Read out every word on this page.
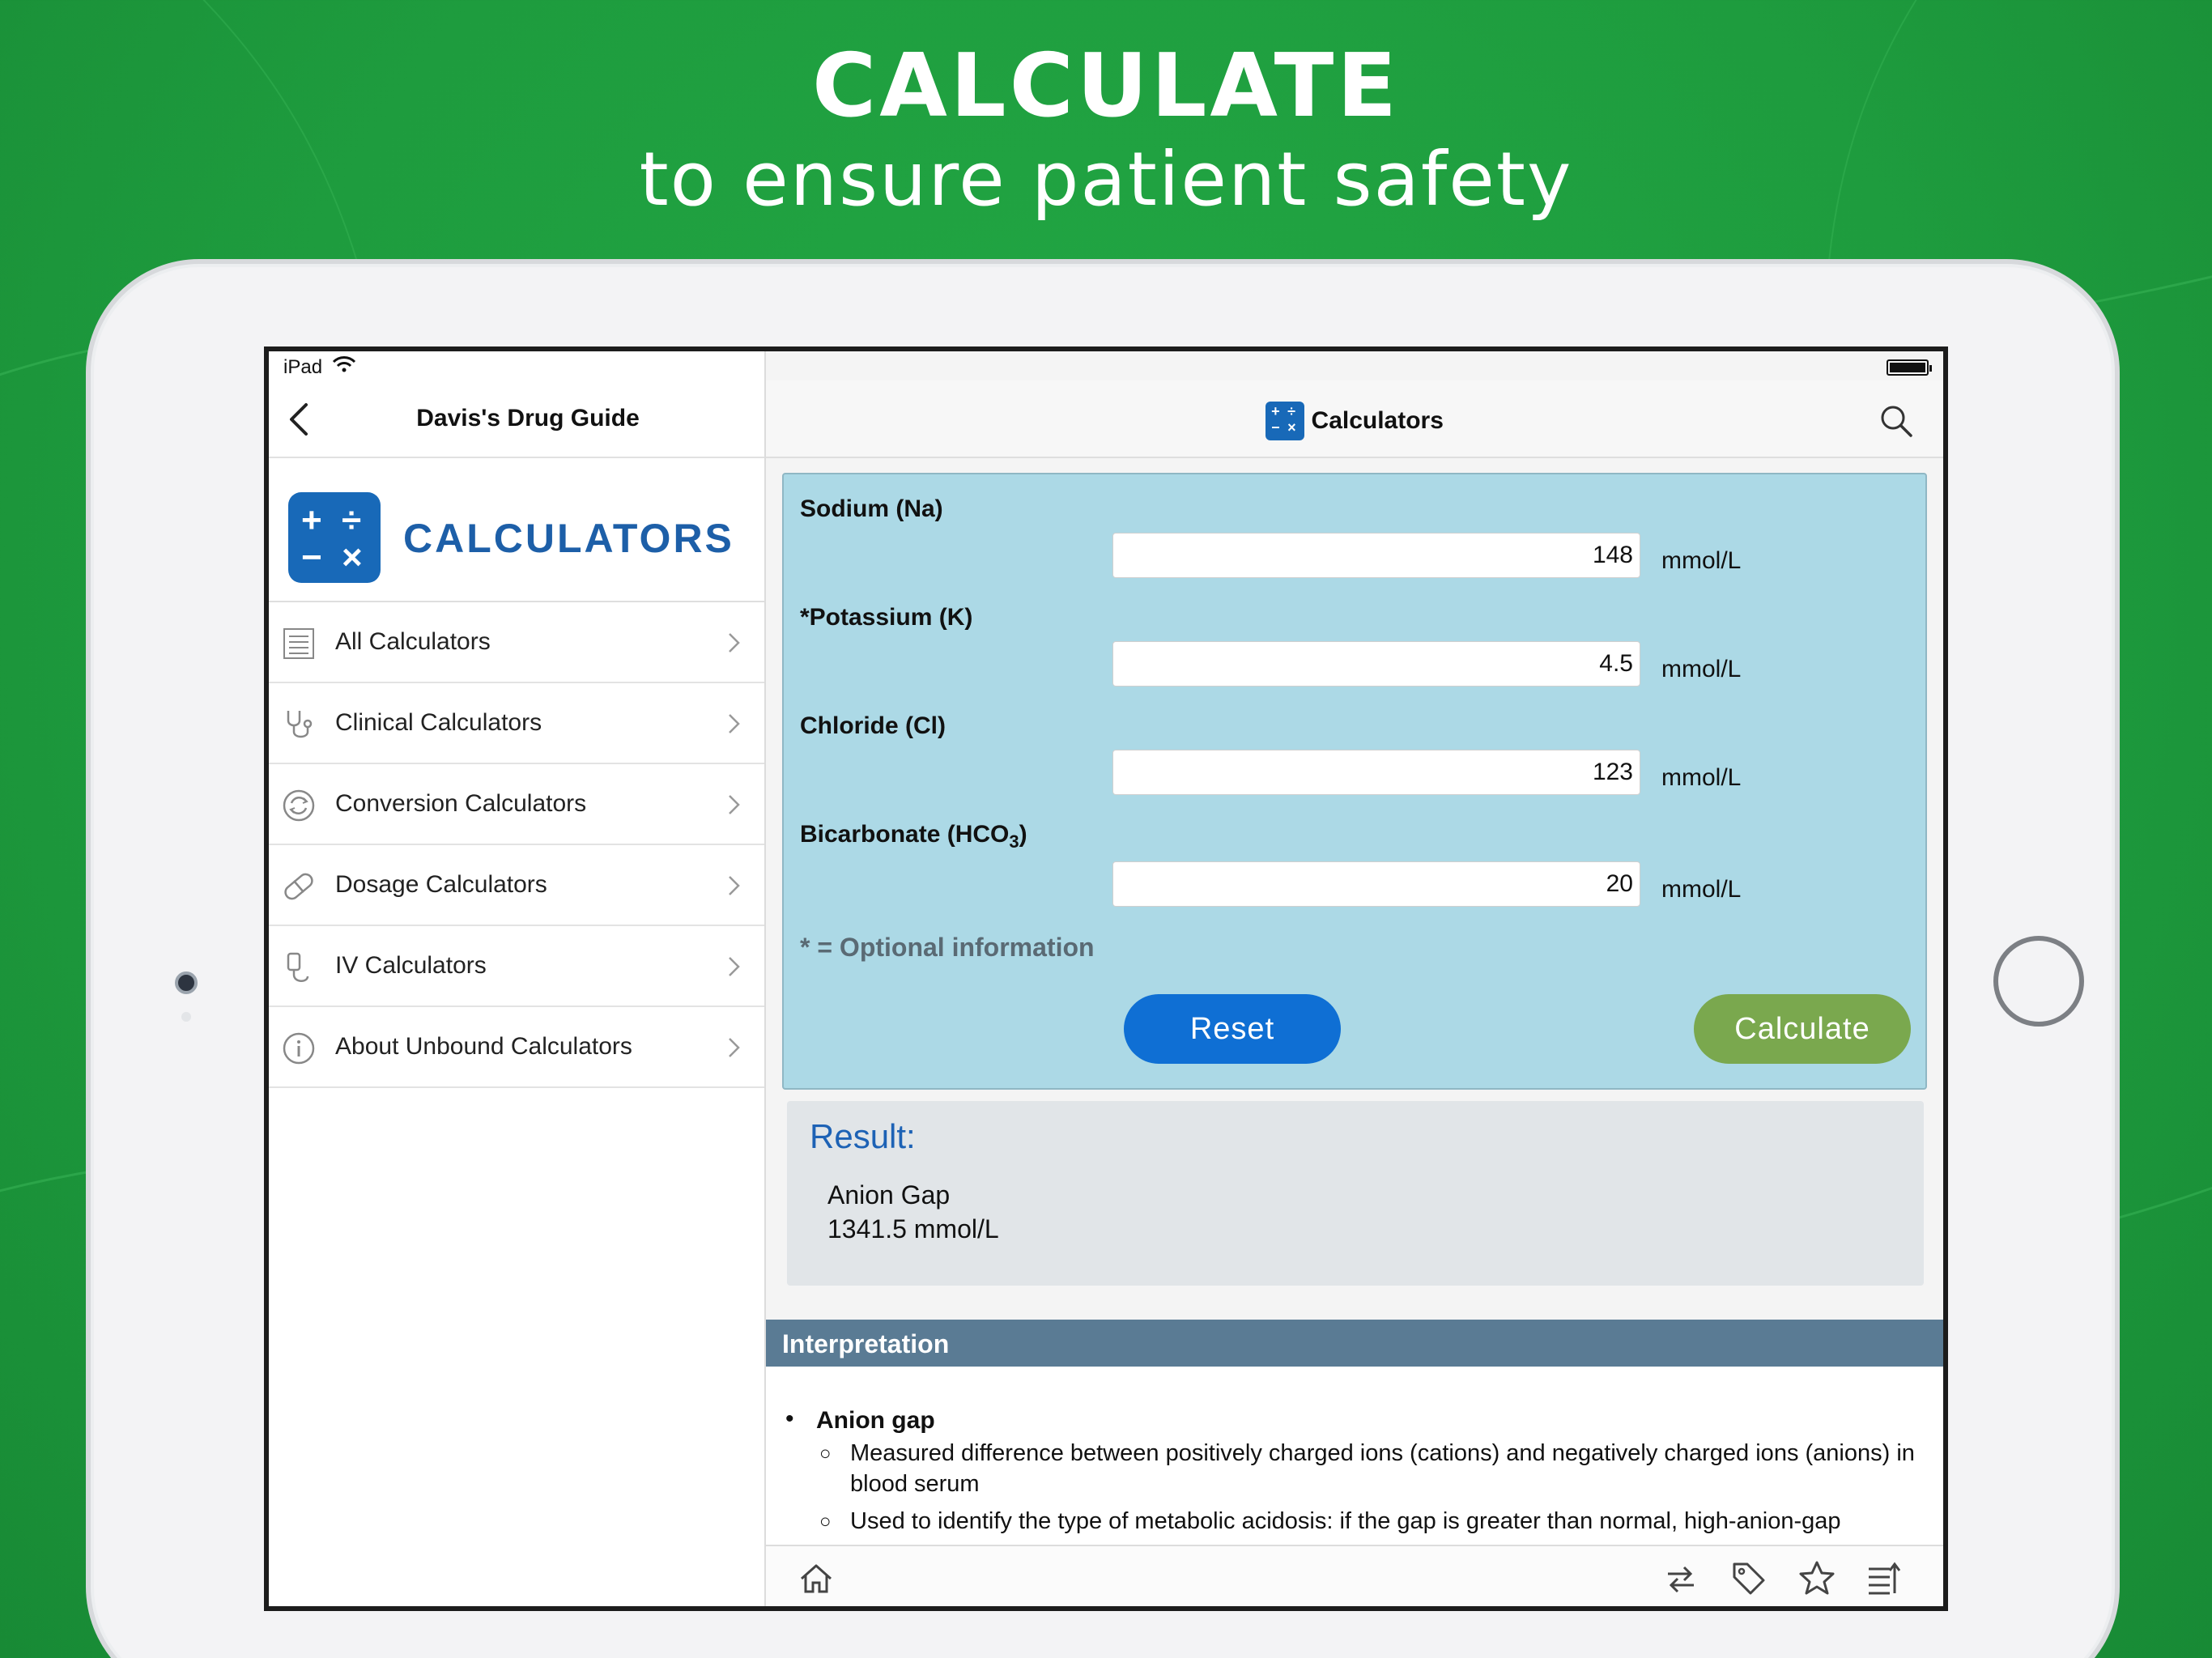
CALCULATE
to ensure patient safety
Davis's Drug Guide
+ ÷
− × CALCULATORS
All Calculators
Clinical Calculators
Conversion Calculators
Dosage Calculators
IV Calculators
About Unbound Calculators
+ ÷
− × Calculators
Sodium (Na)
148
mmol/L
*Potassium (K)
4.5
mmol/L
Chloride (Cl)
123
mmol/L
Bicarbonate $(HCO_3)$
20
mmol/L
* = Optional information
Reset	Calculate
Result:
Anion Gap
1341.5 mmol/L
Interpretation
• Anion gap
○ Measured difference between positively charged ions (cations) and negatively charged ions (anions) in blood serum
○ Used to identify the type of metabolic acidosis: if the gap is greater than normal, high-anion-gap
iPad
